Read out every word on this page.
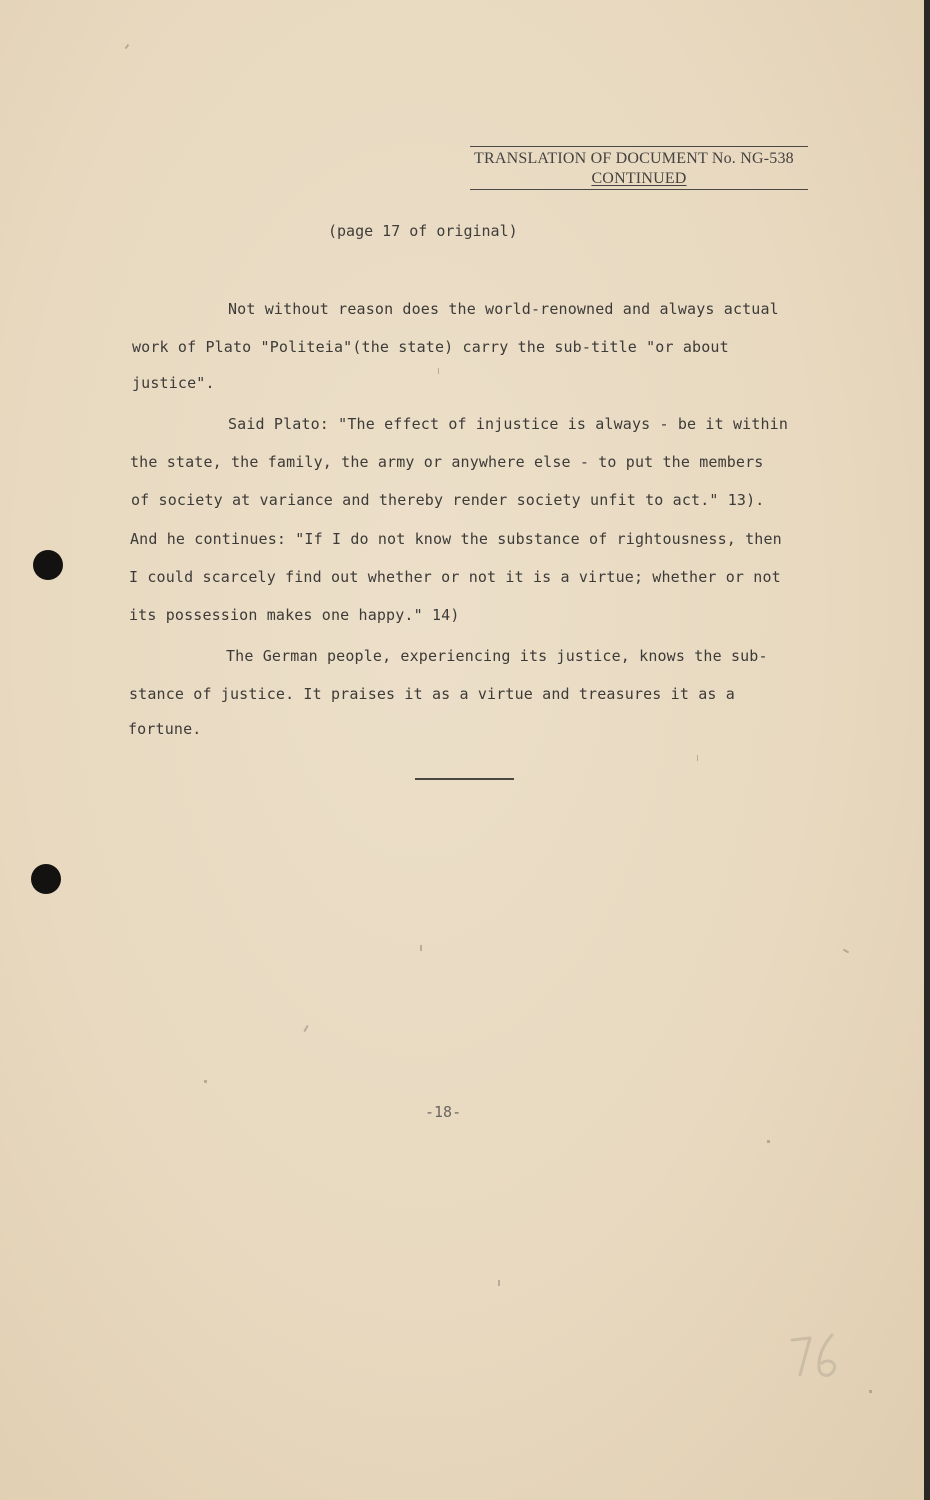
TRANSLATION OF DOCUMENT No. NG-538
CONTINUED
(page 17 of original)
Not without reason does the world-renowned and always actual
work of Plato "Politeia"(the state) carry the sub-title "or about
justice".
Said Plato: "The effect of injustice is always - be it within
the state, the family, the army or anywhere else - to put the members
of society at variance and thereby render society unfit to act." 13).
And he continues: "If I do not know the substance of rightousness, then
I could scarcely find out whether or not it is a virtue; whether or not
its possession makes one happy." 14)
The German people, experiencing its justice, knows the sub-
stance of justice. It praises it as a virtue and treasures it as a
fortune.
-18-
